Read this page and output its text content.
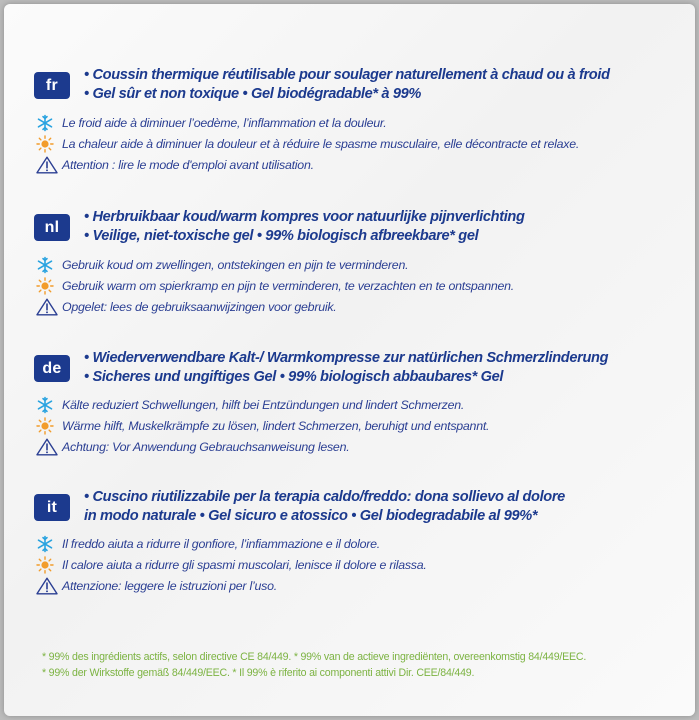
fr
• Coussin thermique réutilisable pour soulager naturellement à chaud ou à froid
• Gel sûr et non toxique • Gel biodégradable* à 99%
Le froid aide à diminuer l’oedème, l’inflammation et la douleur.
La chaleur aide à diminuer la douleur et à réduire le spasme musculaire, elle décontracte et relaxe.
Attention : lire le mode d'emploi avant utilisation.
nl
• Herbruikbaar koud/warm kompres voor natuurlijke pijnverlichting
• Veilige, niet-toxische gel • 99% biologisch afbreekbare* gel
Gebruik koud om zwellingen, ontstekingen en pijn te verminderen.
Gebruik warm om spierkramp en pijn te verminderen, te verzachten en te ontspannen.
Opgelet: lees de gebruiksaanwijzingen voor gebruik.
de
• Wiederverwendbare Kalt-/ Warmkompresse zur natürlichen Schmerzlinderung
• Sicheres und ungiftiges Gel • 99% biologisch abbaubares* Gel
Kälte reduziert Schwellungen, hilft bei Entzündungen und lindert Schmerzen.
Wärme hilft, Muskelkrämpfe zu lösen, lindert Schmerzen, beruhigt und entspannt.
Achtung: Vor Anwendung Gebrauchsanweisung lesen.
it
• Cuscino riutilizzabile per la terapia caldo/freddo: dona sollievo al dolore
in modo naturale • Gel sicuro e atossico • Gel biodegradabile al 99%*
Il freddo aiuta a ridurre il gonfiore, l’infiammazione e il dolore.
Il calore aiuta a ridurre gli spasmi muscolari, lenisce il dolore e rilassa.
Attenzione: leggere le istruzioni per l’uso.
* 99% des ingrédients actifs, selon directive CE 84/449. * 99% van de actieve ingrediënten, overeenkomstig 84/449/EEC.
* 99% der Wirkstoffe gemäß 84/449/EEC. * Il 99% è riferito ai componenti attivi Dir. CEE/84/449.
